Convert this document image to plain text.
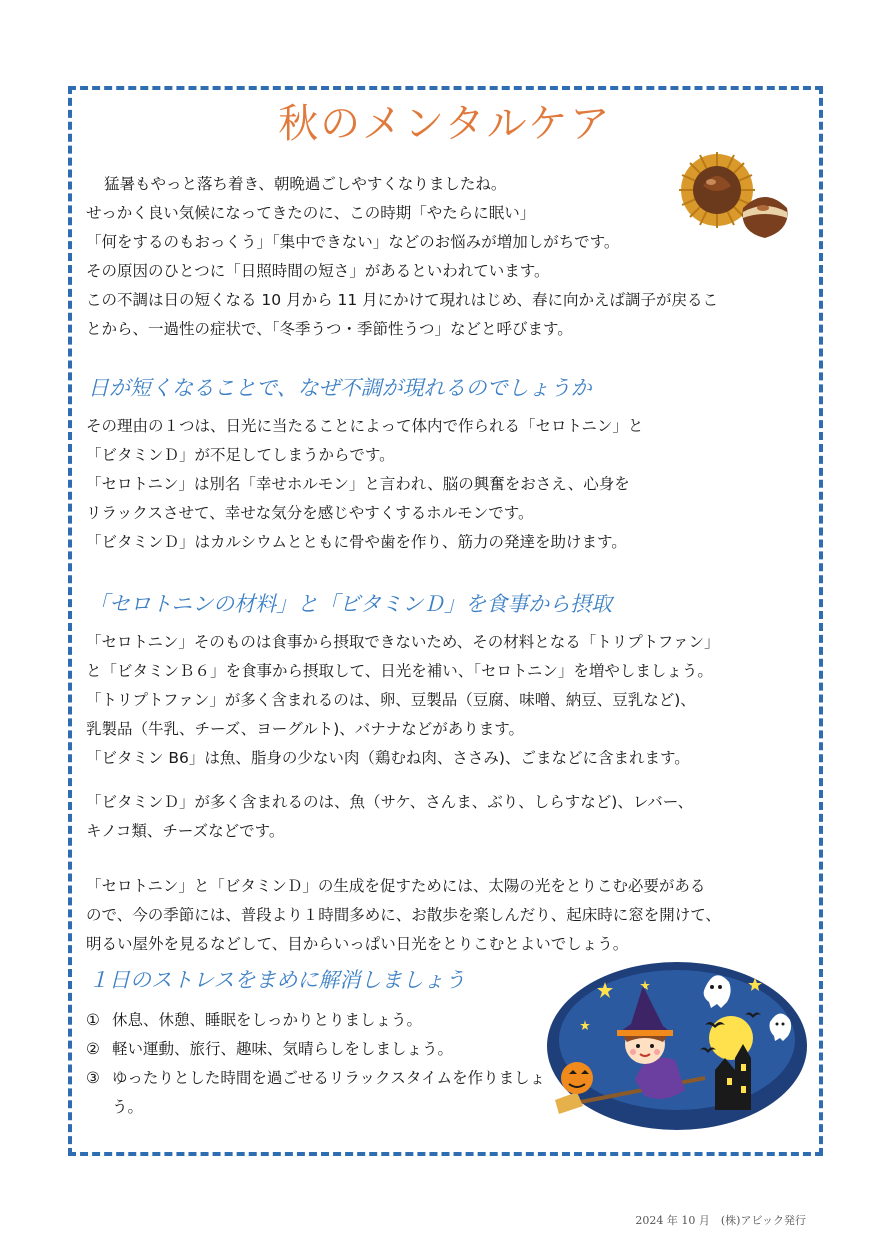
秋のメンタルケア

猛暑もやっと落ち着き、朝晩過ごしやすくなりましたね。

せっかく良い気候になってきたのに、この時期「やたらに眠い」

「何をするのもおっくう」「集中できない」などのお悩みが増加しがちです。

その原因のひとつに「日照時間の短さ」があるといわれています。

この不調は日の短くなる 10 月から 11 月にかけて現れはじめ、春に向かえば調子が戻るこ

とから、一過性の症状で、「冬季うつ・季節性うつ」などと呼びます。

日が短くなることで、なぜ不調が現れるのでしょうか

その理由の１つは、日光に当たることによって体内で作られる「セロトニン」と

「ビタミンＤ」が不足してしまうからです。

「セロトニン」は別名「幸せホルモン」と言われ、脳の興奮をおさえ、心身を

リラックスさせて、幸せな気分を感じやすくするホルモンです。

「ビタミンＤ」はカルシウムとともに骨や歯を作り、筋力の発達を助けます。

「セロトニンの材料」と「ビタミンＤ」を食事から摂取

「セロトニン」そのものは食事から摂取できないため、その材料となる「トリプトファン」

と「ビタミンＢ６」を食事から摂取して、日光を補い、「セロトニン」を増やしましょう。

「トリプトファン」が多く含まれるのは、卵、豆製品（豆腐、味噌、納豆、豆乳など)、

乳製品（牛乳、チーズ、ヨーグルト)、バナナなどがあります。

「ビタミン B6」は魚、脂身の少ない肉（鶏むね肉、ささみ)、ごまなどに含まれます。

「ビタミンＤ」が多く含まれるのは、魚（サケ、さんま、ぶり、しらすなど)、レバー、

キノコ類、チーズなどです。

「セロトニン」と「ビタミンＤ」の生成を促すためには、太陽の光をとりこむ必要がある

ので、今の季節には、普段より１時間多めに、お散歩を楽しんだり、起床時に窓を開けて、

明るい屋外を見るなどして、目からいっぱい日光をとりこむとよいでしょう。

１日のストレスをまめに解消しましょう
① 休息、休憩、睡眠をしっかりとりましょう。
② 軽い運動、旅行、趣味、気晴らしをしましょう。
③ ゆったりとした時間を過ごせるリラックスタイムを作りましょう。
2024 年 10 月　(株)アビック発行
